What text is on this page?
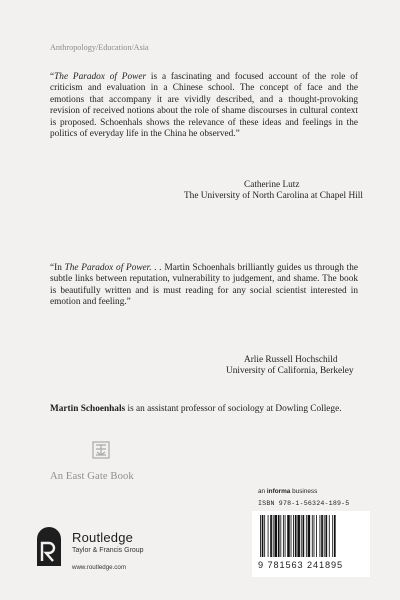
Anthropology/Education/Asia
“The Paradox of Power is a fascinating and focused account of the role of criticism and evaluation in a Chinese school. The concept of face and the emotions that accompany it are vividly described, and a thought-provoking revision of received notions about the role of shame discourses in cultural context is proposed. Schoenhals shows the relevance of these ideas and feelings in the politics of everyday life in the China he observed.”
Catherine Lutz
The University of North Carolina at Chapel Hill
“In The Paradox of Power. . . Martin Schoenhals brilliantly guides us through the subtle links between reputation, vulnerability to judgement, and shame. The book is beautifully written and is must reading for any social scientist interested in emotion and feeling.”
Arlie Russell Hochschild
University of California, Berkeley
Martin Schoenhals is an assistant professor of sociology at Dowling College.
An East Gate Book
Routledge
Taylor & Francis Group
www.routledge.com
an informa business
ISBN 978-1-56324-189-5
9 781563 241895
